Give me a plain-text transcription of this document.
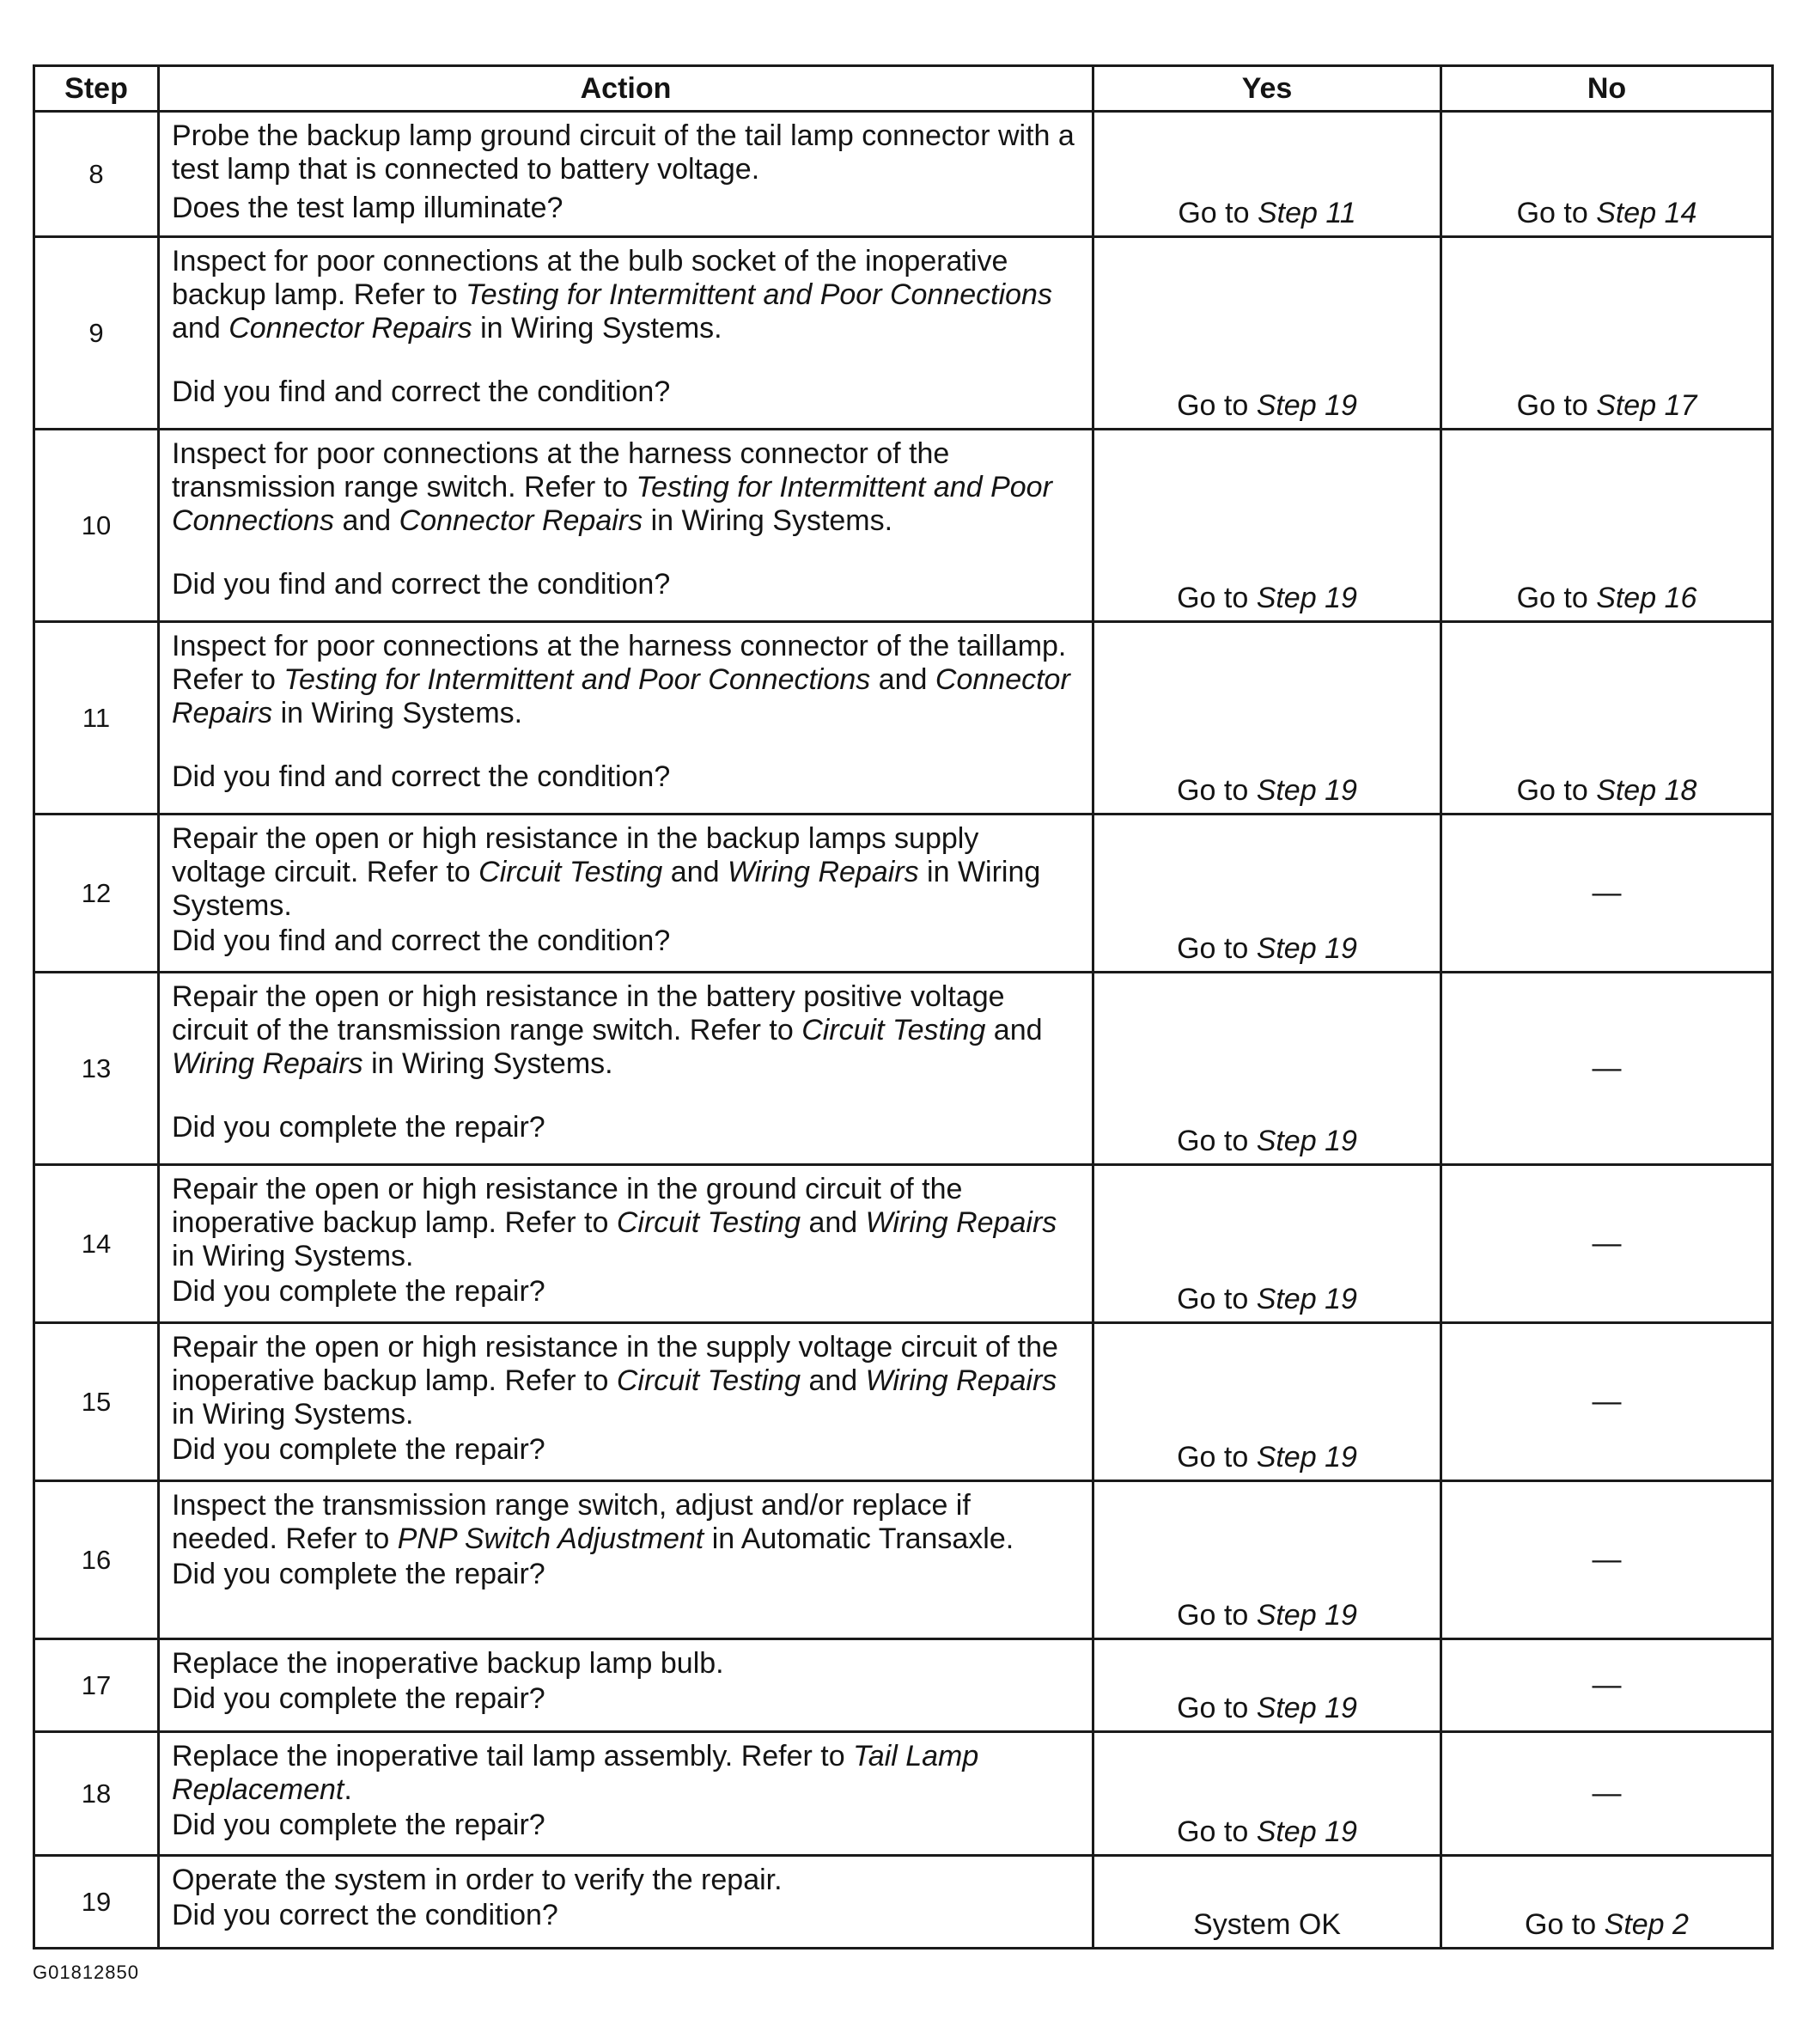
Step	Action	Yes	No
8	Probe the backup lamp ground circuit of the tail lamp connector with a test lamp that is connected to battery voltage.
Does the test lamp illuminate?	Go to Step 11	Go to Step 14
9	Inspect for poor connections at the bulb socket of the inoperative backup lamp. Refer to Testing for Intermittent and Poor Connections and Connector Repairs in Wiring Systems.
Did you find and correct the condition?	Go to Step 19	Go to Step 17
10	Inspect for poor connections at the harness connector of the transmission range switch. Refer to Testing for Intermittent and Poor Connections and Connector Repairs in Wiring Systems.
Did you find and correct the condition?	Go to Step 19	Go to Step 16
11	Inspect for poor connections at the harness connector of the taillamp. Refer to Testing for Intermittent and Poor Connections and Connector Repairs in Wiring Systems.
Did you find and correct the condition?	Go to Step 19	Go to Step 18
12	Repair the open or high resistance in the backup lamps supply voltage circuit. Refer to Circuit Testing and Wiring Repairs in Wiring Systems.
Did you find and correct the condition?	Go to Step 19	—
13	Repair the open or high resistance in the battery positive voltage circuit of the transmission range switch. Refer to Circuit Testing and Wiring Repairs in Wiring Systems.
Did you complete the repair?	Go to Step 19	—
14	Repair the open or high resistance in the ground circuit of the inoperative backup lamp. Refer to Circuit Testing and Wiring Repairs in Wiring Systems.
Did you complete the repair?	Go to Step 19	—
15	Repair the open or high resistance in the supply voltage circuit of the inoperative backup lamp. Refer to Circuit Testing and Wiring Repairs in Wiring Systems.
Did you complete the repair?	Go to Step 19	—
16	Inspect the transmission range switch, adjust and/or replace if needed. Refer to PNP Switch Adjustment in Automatic Transaxle.
Did you complete the repair?	Go to Step 19	—
17	Replace the inoperative backup lamp bulb.
Did you complete the repair?	Go to Step 19	—
18	Replace the inoperative tail lamp assembly. Refer to Tail Lamp Replacement.
Did you complete the repair?	Go to Step 19	—
19	Operate the system in order to verify the repair.
Did you correct the condition?	System OK	Go to Step 2
G01812850
